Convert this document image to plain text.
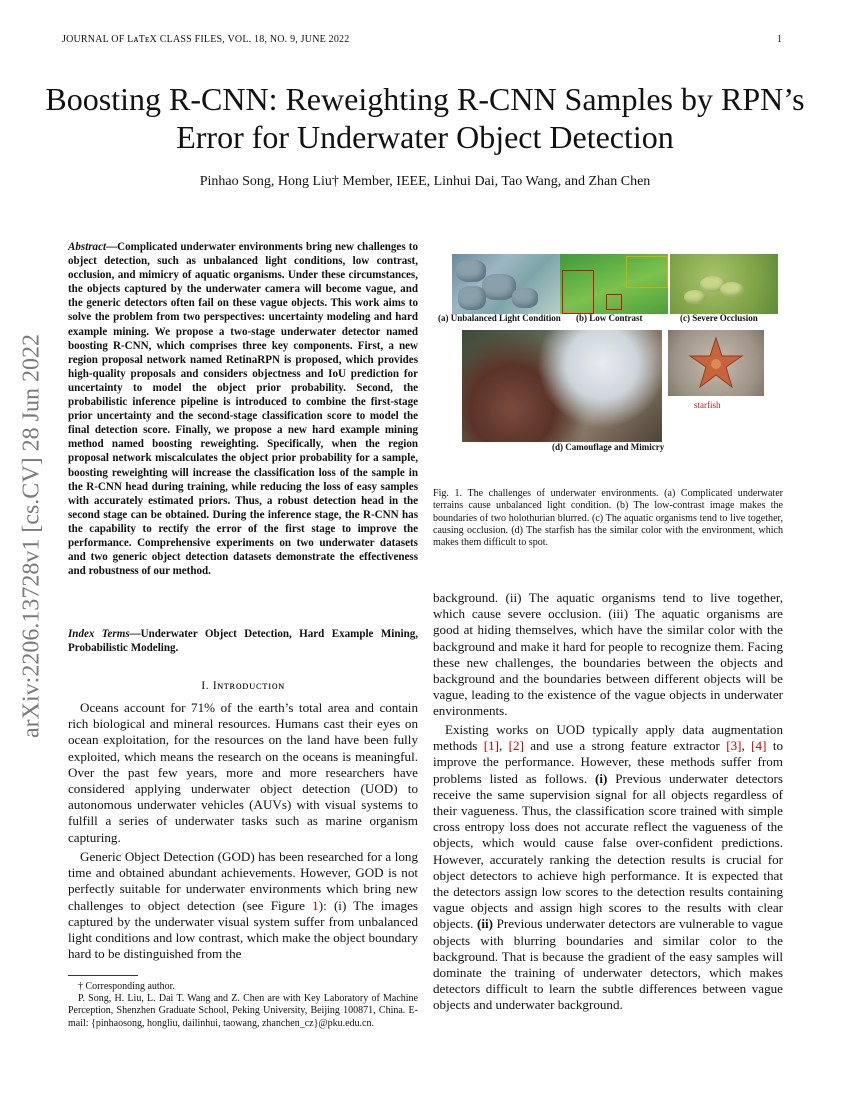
JOURNAL OF LᴀTᴇX CLASS FILES, VOL. 18, NO. 9, JUNE 2022	1
Boosting R-CNN: Reweighting R-CNN Samples by RPN’s Error for Underwater Object Detection
Pinhao Song, Hong Liu† Member, IEEE, Linhui Dai, Tao Wang, and Zhan Chen
arXiv:2206.13728v1 [cs.CV] 28 Jun 2022

Abstract—Complicated underwater environments bring new challenges to object detection, such as unbalanced light conditions, low contrast, occlusion, and mimicry of aquatic organisms. Under these circumstances, the objects captured by the underwater camera will become vague, and the generic detectors often fail on these vague objects. This work aims to solve the problem from two perspectives: uncertainty modeling and hard example mining. We propose a two-stage underwater detector named boosting R-CNN, which comprises three key components. First, a new region proposal network named RetinaRPN is proposed, which provides high-quality proposals and considers objectness and IoU prediction for uncertainty to model the object prior probability. Second, the probabilistic inference pipeline is introduced to combine the first-stage prior uncertainty and the second-stage classification score to model the final detection score. Finally, we propose a new hard example mining method named boosting reweighting. Specifically, when the region proposal network miscalculates the object prior probability for a sample, boosting reweighting will increase the classification loss of the sample in the R-CNN head during training, while reducing the loss of easy samples with accurately estimated priors. Thus, a robust detection head in the second stage can be obtained. During the inference stage, the R-CNN has the capability to rectify the error of the first stage to improve the performance. Comprehensive experiments on two underwater datasets and two generic object detection datasets demonstrate the effectiveness and robustness of our method.

Index Terms—Underwater Object Detection, Hard Example Mining, Probabilistic Modeling.

I. Iɴᴛʀᴏᴅᴜᴄᴛɪᴏɴ

Oceans account for 71% of the earth’s total area and contain rich biological and mineral resources. Humans cast their eyes on ocean exploitation, for the resources on the land have been fully exploited, which means the research on the oceans is meaningful. Over the past few years, more and more researchers have considered applying underwater object detection (UOD) to autonomous underwater vehicles (AUVs) with visual systems to fulfill a series of underwater tasks such as marine organism capturing.

Generic Object Detection (GOD) has been researched for a long time and obtained abundant achievements. However, GOD is not perfectly suitable for underwater environments which bring new challenges to object detection (see Figure 1): (i) The images captured by the underwater visual system suffer from unbalanced light conditions and low contrast, which make the object boundary hard to be distinguished from the

† Corresponding author.

P. Song, H. Liu, L. Dai T. Wang and Z. Chen are with Key Laboratory of Machine Perception, Shenzhen Graduate School, Peking University, Beijing 100871, China. E-mail: {pinhaosong, hongliu, dailinhui, taowang, zhanchen_cz}@pku.edu.cn.

(a) Unbalanced Light Condition (b) Low Contrast	(c) Severe Occlusion
starfish
(d) Camouflage and Mimicry

Fig. 1. The challenges of underwater environments. (a) Complicated underwater terrains cause unbalanced light condition. (b) The low-contrast image makes the boundaries of two holothurian blurred. (c) The aquatic organisms tend to live together, causing occlusion. (d) The starfish has the similar color with the environment, which makes them difficult to spot.

background. (ii) The aquatic organisms tend to live together, which cause severe occlusion. (iii) The aquatic organisms are good at hiding themselves, which have the similar color with the background and make it hard for people to recognize them. Facing these new challenges, the boundaries between the objects and background and the boundaries between different objects will be vague, leading to the existence of the vague objects in underwater environments.

Existing works on UOD typically apply data augmentation methods [1], [2] and use a strong feature extractor [3], [4] to improve the performance. However, these methods suffer from problems listed as follows. (i) Previous underwater detectors receive the same supervision signal for all objects regardless of their vagueness. Thus, the classification score trained with simple cross entropy loss does not accurate reflect the vagueness of the objects, which would cause false over-confident predictions. However, accurately ranking the detection results is crucial for object detectors to achieve high performance. It is expected that the detectors assign low scores to the detection results containing vague objects and assign high scores to the results with clear objects. (ii) Previous underwater detectors are vulnerable to vague objects with blurring boundaries and similar color to the background. That is because the gradient of the easy samples will dominate the training of underwater detectors, which makes detectors difficult to learn the subtle differences between vague objects and underwater background.
